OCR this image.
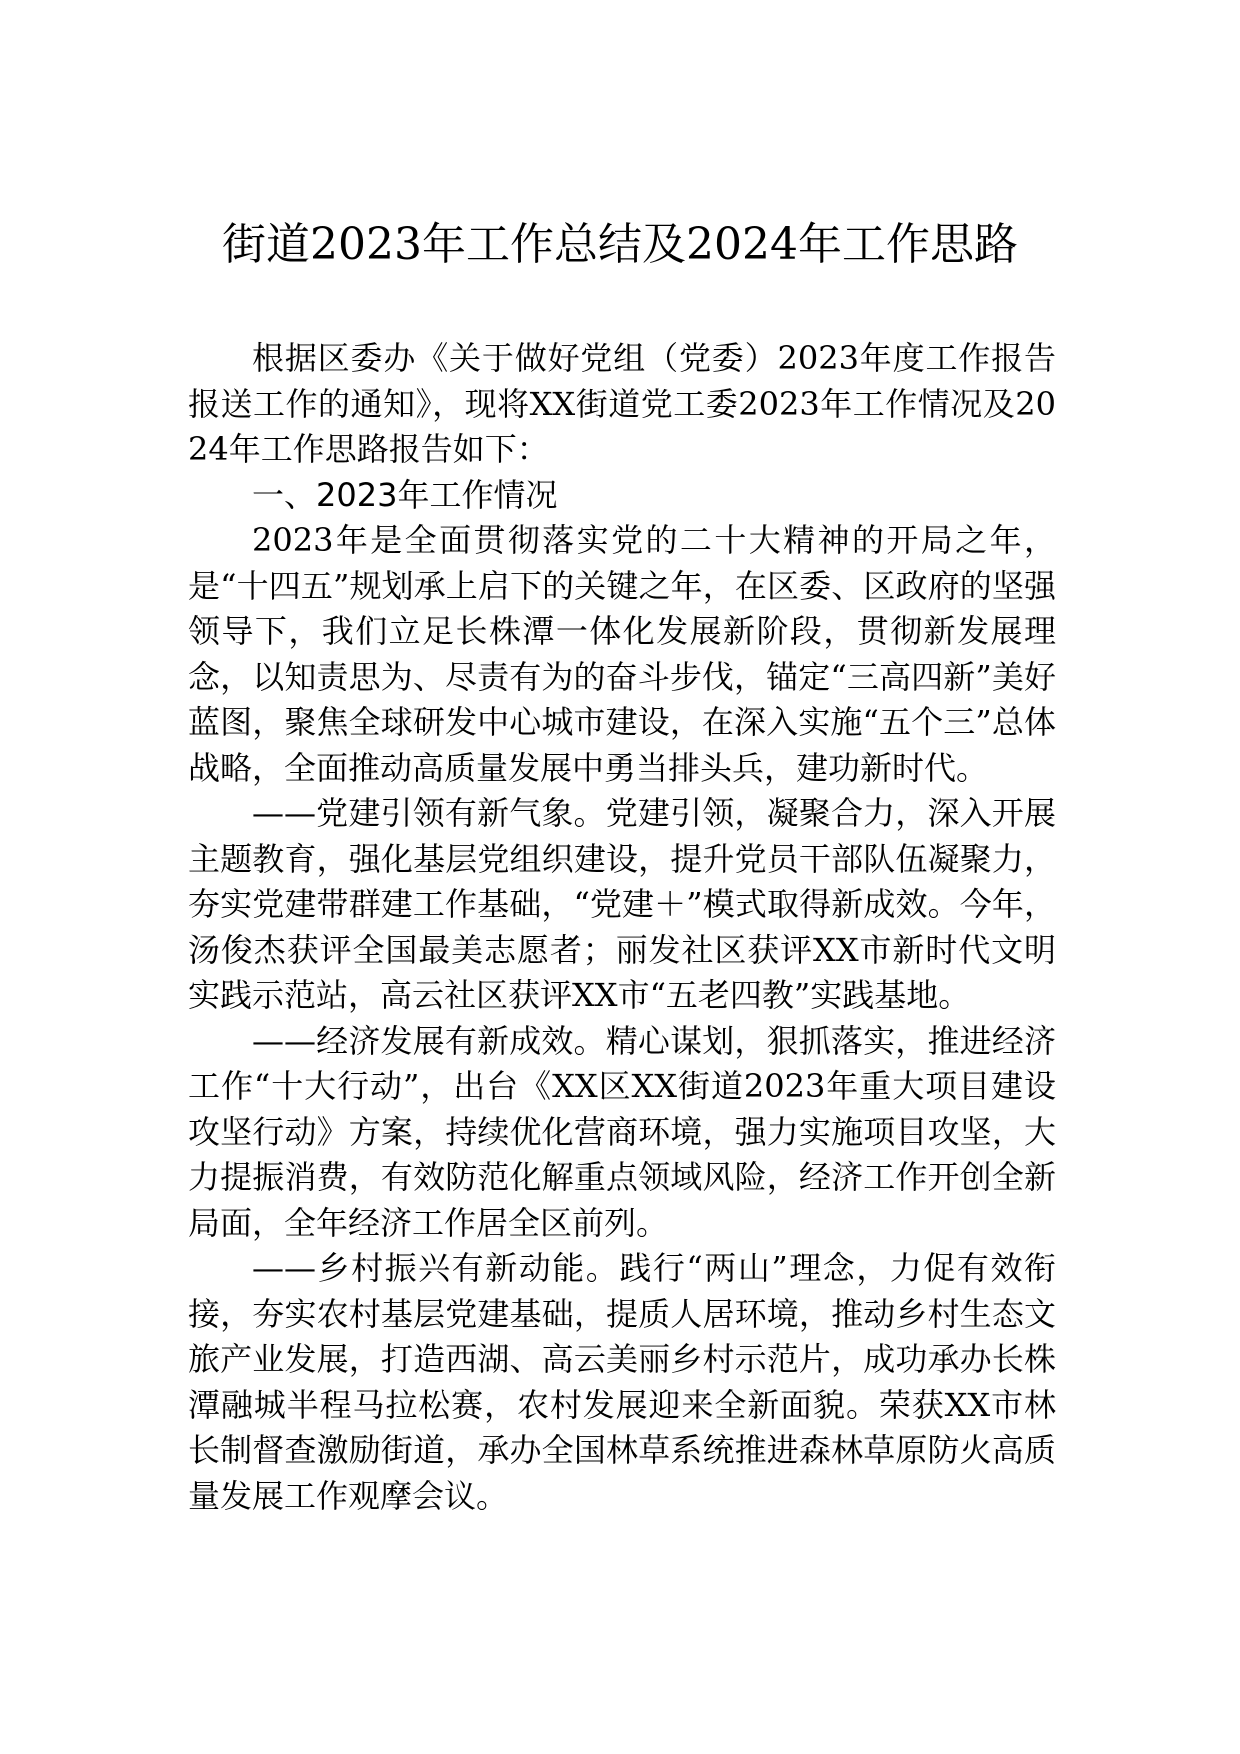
街道2023年工作总结及2024年工作思路

根据区委办《关于做好党组（党委）2023年度工作报告报送工作的通知》，现将XX街道党工委2023年工作情况及2024年工作思路报告如下：

一、2023年工作情况

2023年是全面贯彻落实党的二十大精神的开局之年，是“十四五”规划承上启下的关键之年，在区委、区政府的坚强领导下，我们立足长株潭一体化发展新阶段，贯彻新发展理念，以知责思为、尽责有为的奋斗步伐，锚定“三高四新”美好蓝图，聚焦全球研发中心城市建设，在深入实施“五个三”总体战略，全面推动高质量发展中勇当排头兵，建功新时代。

——党建引领有新气象。党建引领，凝聚合力，深入开展主题教育，强化基层党组织建设，提升党员干部队伍凝聚力，夯实党建带群建工作基础，“党建＋”模式取得新成效。今年，汤俊杰获评全国最美志愿者；丽发社区获评XX市新时代文明实践示范站，高云社区获评XX市“五老四教”实践基地。

——经济发展有新成效。精心谋划，狠抓落实，推进经济工作“十大行动”，出台《XX区XX街道2023年重大项目建设攻坚行动》方案，持续优化营商环境，强力实施项目攻坚，大力提振消费，有效防范化解重点领域风险，经济工作开创全新局面，全年经济工作居全区前列。

——乡村振兴有新动能。践行“两山”理念，力促有效衔接，夯实农村基层党建基础，提质人居环境，推动乡村生态文旅产业发展，打造西湖、高云美丽乡村示范片，成功承办长株潭融城半程马拉松赛，农村发展迎来全新面貌。荣获XX市林长制督查激励街道，承办全国林草系统推进森林草原防火高质量发展工作观摩会议。
